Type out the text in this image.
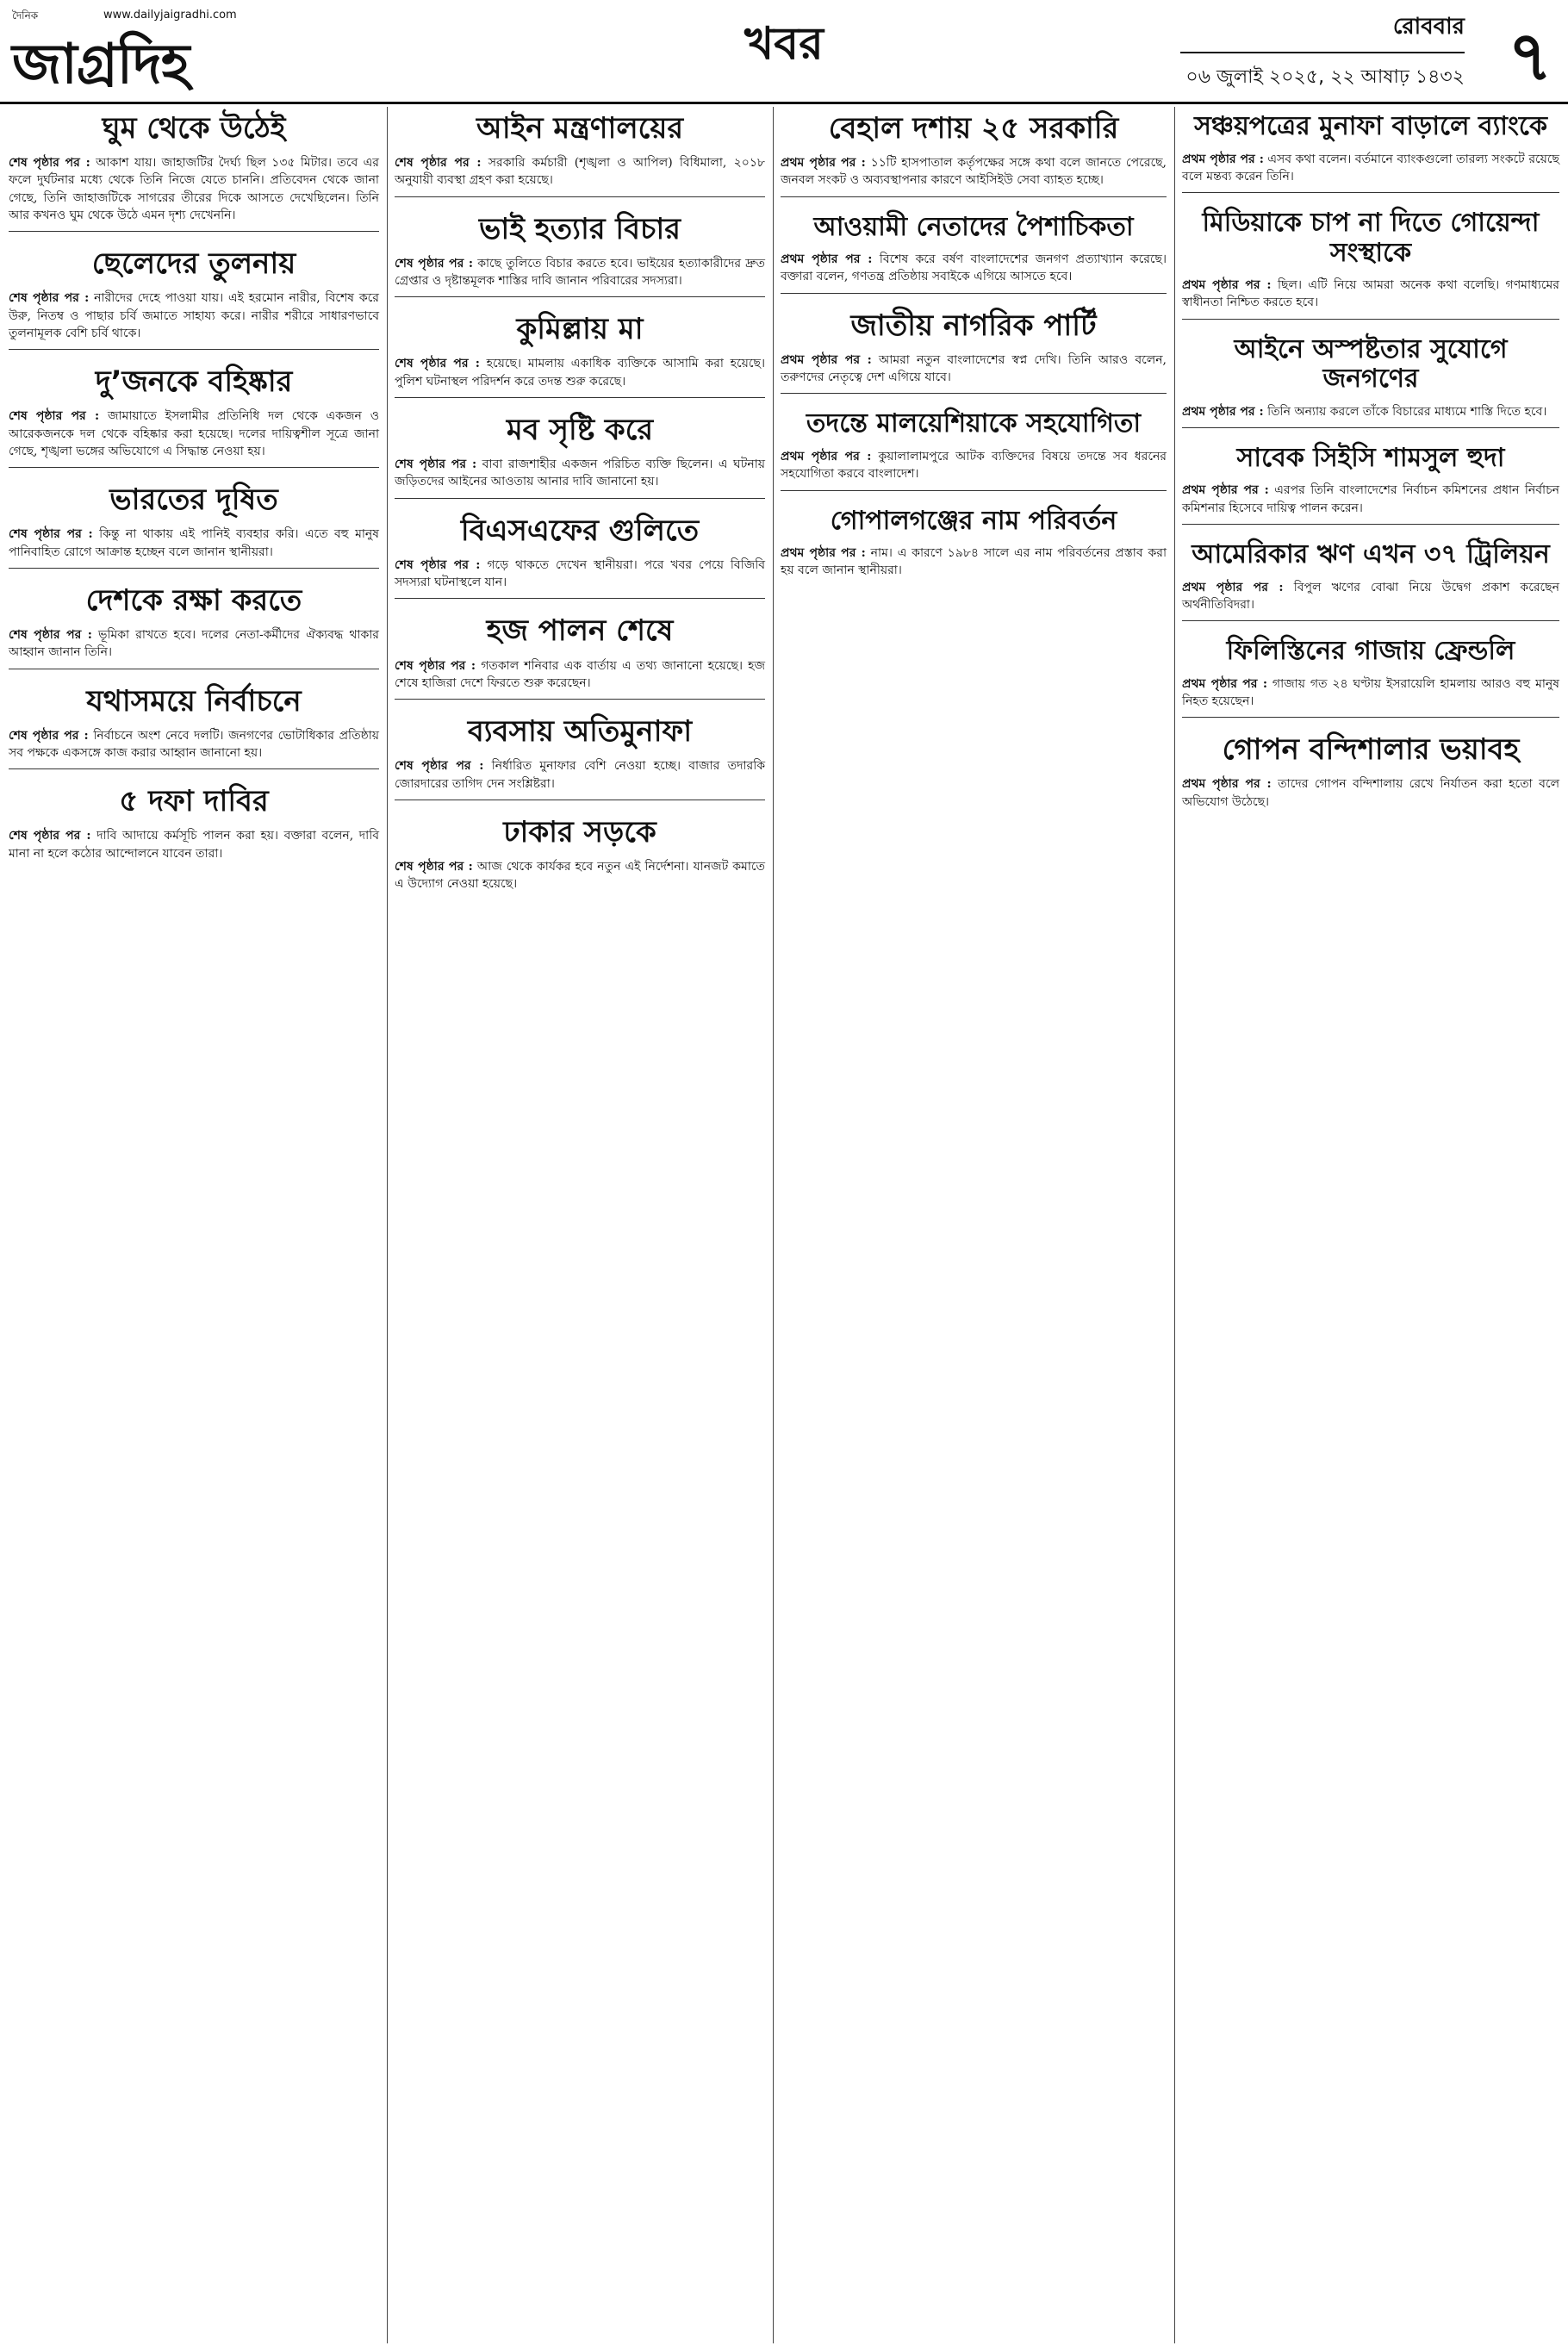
দৈনিক	www.dailyjaigradhi.com
জাগ্রদিহ	খবর	রোববার
০৬ জুলাই ২০২৫, ২২ আষাঢ় ১৪৩২ ৭
ঘুম থেকে উঠেই
শেষ পৃষ্ঠার পর : আকাশ যায়। জাহাজটির দৈর্ঘ্য ছিল ১৩৫ মিটার। তবে এর ফলে দুর্ঘটনার মধ্যে থেকে তিনি নিজে যেতে চাননি। প্রতিবেদন থেকে জানা গেছে, তিনি জাহাজটিকে সাগরের তীরের দিকে আসতে দেখেছিলেন। তিনি আর কখনও ঘুম থেকে উঠে এমন দৃশ্য দেখেননি।
ছেলেদের তুলনায়
শেষ পৃষ্ঠার পর : নারীদের দেহে পাওয়া যায়। এই হরমোন নারীর, বিশেষ করে উরু, নিতম্ব ও পাছার চর্বি জমাতে সাহায্য করে। নারীর শরীরে সাধারণভাবে তুলনামূলক বেশি চর্বি থাকে।
দু’জনকে বহিষ্কার
শেষ পৃষ্ঠার পর : জামায়াতে ইসলামীর প্রতিনিধি দল থেকে একজন ও আরেকজনকে দল থেকে বহিষ্কার করা হয়েছে। দলের দায়িত্বশীল সূত্রে জানা গেছে, শৃঙ্খলা ভঙ্গের অভিযোগে এ সিদ্ধান্ত নেওয়া হয়।
ভারতের দূষিত
শেষ পৃষ্ঠার পর : কিন্তু না থাকায় এই পানিই ব্যবহার করি। এতে বহু মানুষ পানিবাহিত রোগে আক্রান্ত হচ্ছেন বলে জানান স্থানীয়রা।
দেশকে রক্ষা করতে
শেষ পৃষ্ঠার পর : ভূমিকা রাখতে হবে। দলের নেতা-কর্মীদের ঐক্যবদ্ধ থাকার আহ্বান জানান তিনি।
যথাসময়ে নির্বাচনে
শেষ পৃষ্ঠার পর : নির্বাচনে অংশ নেবে দলটি। জনগণের ভোটাধিকার প্রতিষ্ঠায় সব পক্ষকে একসঙ্গে কাজ করার আহ্বান জানানো হয়।
৫ দফা দাবির
শেষ পৃষ্ঠার পর : দাবি আদায়ে কর্মসূচি পালন করা হয়। বক্তারা বলেন, দাবি মানা না হলে কঠোর আন্দোলনে যাবেন তারা।
আইন মন্ত্রণালয়ের
শেষ পৃষ্ঠার পর : সরকারি কর্মচারী (শৃঙ্খলা ও আপিল) বিধিমালা, ২০১৮ অনুযায়ী ব্যবস্থা গ্রহণ করা হয়েছে।
ভাই হত্যার বিচার
শেষ পৃষ্ঠার পর : কাছে তুলিতে বিচার করতে হবে। ভাইয়ের হত্যাকারীদের দ্রুত গ্রেপ্তার ও দৃষ্টান্তমূলক শাস্তির দাবি জানান পরিবারের সদস্যরা।
কুমিল্লায় মা
শেষ পৃষ্ঠার পর : হয়েছে। মামলায় একাধিক ব্যক্তিকে আসামি করা হয়েছে। পুলিশ ঘটনাস্থল পরিদর্শন করে তদন্ত শুরু করেছে।
মব সৃষ্টি করে
শেষ পৃষ্ঠার পর : বাবা রাজশাহীর একজন পরিচিত ব্যক্তি ছিলেন। এ ঘটনায় জড়িতদের আইনের আওতায় আনার দাবি জানানো হয়।
বিএসএফের গুলিতে
শেষ পৃষ্ঠার পর : গড়ে থাকতে দেখেন স্থানীয়রা। পরে খবর পেয়ে বিজিবি সদস্যরা ঘটনাস্থলে যান।
হজ পালন শেষে
শেষ পৃষ্ঠার পর : গতকাল শনিবার এক বার্তায় এ তথ্য জানানো হয়েছে। হজ শেষে হাজিরা দেশে ফিরতে শুরু করেছেন।
ব্যবসায় অতিমুনাফা
শেষ পৃষ্ঠার পর : নির্ধারিত মুনাফার বেশি নেওয়া হচ্ছে। বাজার তদারকি জোরদারের তাগিদ দেন সংশ্লিষ্টরা।
ঢাকার সড়কে
শেষ পৃষ্ঠার পর : আজ থেকে কার্যকর হবে নতুন এই নির্দেশনা। যানজট কমাতে এ উদ্যোগ নেওয়া হয়েছে।
বেহাল দশায় ২৫ সরকারি
প্রথম পৃষ্ঠার পর : ১১টি হাসপাতাল কর্তৃপক্ষের সঙ্গে কথা বলে জানতে পেরেছে, জনবল সংকট ও অব্যবস্থাপনার কারণে আইসিইউ সেবা ব্যাহত হচ্ছে।
আওয়ামী নেতাদের পৈশাচিকতা
প্রথম পৃষ্ঠার পর : বিশেষ করে বর্ষণ বাংলাদেশের জনগণ প্রত্যাখ্যান করেছে। বক্তারা বলেন, গণতন্ত্র প্রতিষ্ঠায় সবাইকে এগিয়ে আসতে হবে।
জাতীয় নাগরিক পার্টি
প্রথম পৃষ্ঠার পর : আমরা নতুন বাংলাদেশের স্বপ্ন দেখি। তিনি আরও বলেন, তরুণদের নেতৃত্বে দেশ এগিয়ে যাবে।
তদন্তে মালয়েশিয়াকে সহযোগিতা
প্রথম পৃষ্ঠার পর : কুয়ালালামপুরে আটক ব্যক্তিদের বিষয়ে তদন্তে সব ধরনের সহযোগিতা করবে বাংলাদেশ।
গোপালগঞ্জের নাম পরিবর্তন
প্রথম পৃষ্ঠার পর : নাম। এ কারণে ১৯৮৪ সালে এর নাম পরিবর্তনের প্রস্তাব করা হয় বলে জানান স্থানীয়রা।
সঞ্চয়পত্রের মুনাফা বাড়ালে ব্যাংকে
প্রথম পৃষ্ঠার পর : এসব কথা বলেন। বর্তমানে ব্যাংকগুলো তারল্য সংকটে রয়েছে বলে মন্তব্য করেন তিনি।
মিডিয়াকে চাপ না দিতে গোয়েন্দা সংস্থাকে
প্রথম পৃষ্ঠার পর : ছিল। এটি নিয়ে আমরা অনেক কথা বলেছি। গণমাধ্যমের স্বাধীনতা নিশ্চিত করতে হবে।
আইনে অস্পষ্টতার সুযোগে জনগণের
প্রথম পৃষ্ঠার পর : তিনি অন্যায় করলে তাঁকে বিচারের মাধ্যমে শাস্তি দিতে হবে।
সাবেক সিইসি শামসুল হুদা
প্রথম পৃষ্ঠার পর : এরপর তিনি বাংলাদেশের নির্বাচন কমিশনের প্রধান নির্বাচন কমিশনার হিসেবে দায়িত্ব পালন করেন।
আমেরিকার ঋণ এখন ৩৭ ট্রিলিয়ন
প্রথম পৃষ্ঠার পর : বিপুল ঋণের বোঝা নিয়ে উদ্বেগ প্রকাশ করেছেন অর্থনীতিবিদরা।
ফিলিস্তিনের গাজায় ফ্রেন্ডলি
প্রথম পৃষ্ঠার পর : গাজায় গত ২৪ ঘণ্টায় ইসরায়েলি হামলায় আরও বহু মানুষ নিহত হয়েছেন।
গোপন বন্দিশালার ভয়াবহ
প্রথম পৃষ্ঠার পর : তাদের গোপন বন্দিশালায় রেখে নির্যাতন করা হতো বলে অভিযোগ উঠেছে।
